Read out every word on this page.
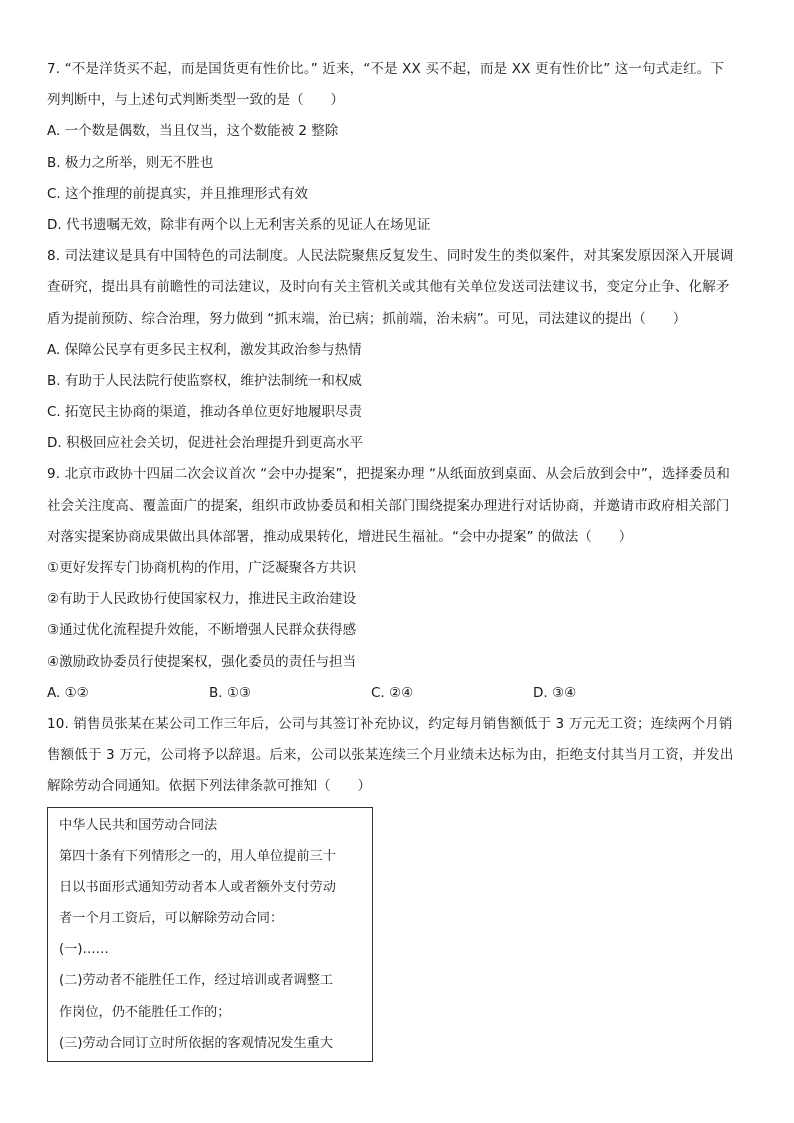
7. “不是洋货买不起，而是国货更有性价比。” 近来，“不是 XX 买不起，而是 XX 更有性价比” 这一句式走红。下
列判断中，与上述句式判断类型一致的是（　　）
A. 一个数是偶数，当且仅当，这个数能被 2 整除
B. 极力之所举，则无不胜也
C. 这个推理的前提真实，并且推理形式有效
D. 代书遗嘱无效，除非有两个以上无利害关系的见证人在场见证
8. 司法建议是具有中国特色的司法制度。人民法院聚焦反复发生、同时发生的类似案件，对其案发原因深入开展调
查研究，提出具有前瞻性的司法建议，及时向有关主管机关或其他有关单位发送司法建议书，变定分止争、化解矛
盾为提前预防、综合治理，努力做到 “抓末端，治已病；抓前端，治未病”。可见，司法建议的提出（　　）
A. 保障公民享有更多民主权利，激发其政治参与热情
B. 有助于人民法院行使监察权，维护法制统一和权威
C. 拓宽民主协商的渠道，推动各单位更好地履职尽责
D. 积极回应社会关切，促进社会治理提升到更高水平
9. 北京市政协十四届二次会议首次 “会中办提案”，把提案办理 “从纸面放到桌面、从会后放到会中”，选择委员和
社会关注度高、覆盖面广的提案，组织市政协委员和相关部门围绕提案办理进行对话协商，并邀请市政府相关部门
对落实提案协商成果做出具体部署，推动成果转化，增进民生福祉。“会中办提案” 的做法（　　）
①更好发挥专门协商机构的作用，广泛凝聚各方共识
②有助于人民政协行使国家权力，推进民主政治建设
③通过优化流程提升效能，不断增强人民群众获得感
④激励政协委员行使提案权，强化委员的责任与担当
A. ①②	B. ①③	C. ②④	D. ③④
10. 销售员张某在某公司工作三年后，公司与其签订补充协议，约定每月销售额低于 3 万元无工资；连续两个月销
售额低于 3 万元，公司将予以辞退。后来，公司以张某连续三个月业绩未达标为由，拒绝支付其当月工资，并发出
解除劳动合同通知。依据下列法律条款可推知（　　）
中华人民共和国劳动合同法
第四十条有下列情形之一的，用人单位提前三十
日以书面形式通知劳动者本人或者额外支付劳动
者一个月工资后，可以解除劳动合同：
(一)……
(二)劳动者不能胜任工作，经过培训或者调整工
作岗位，仍不能胜任工作的；
(三)劳动合同订立时所依据的客观情况发生重大
